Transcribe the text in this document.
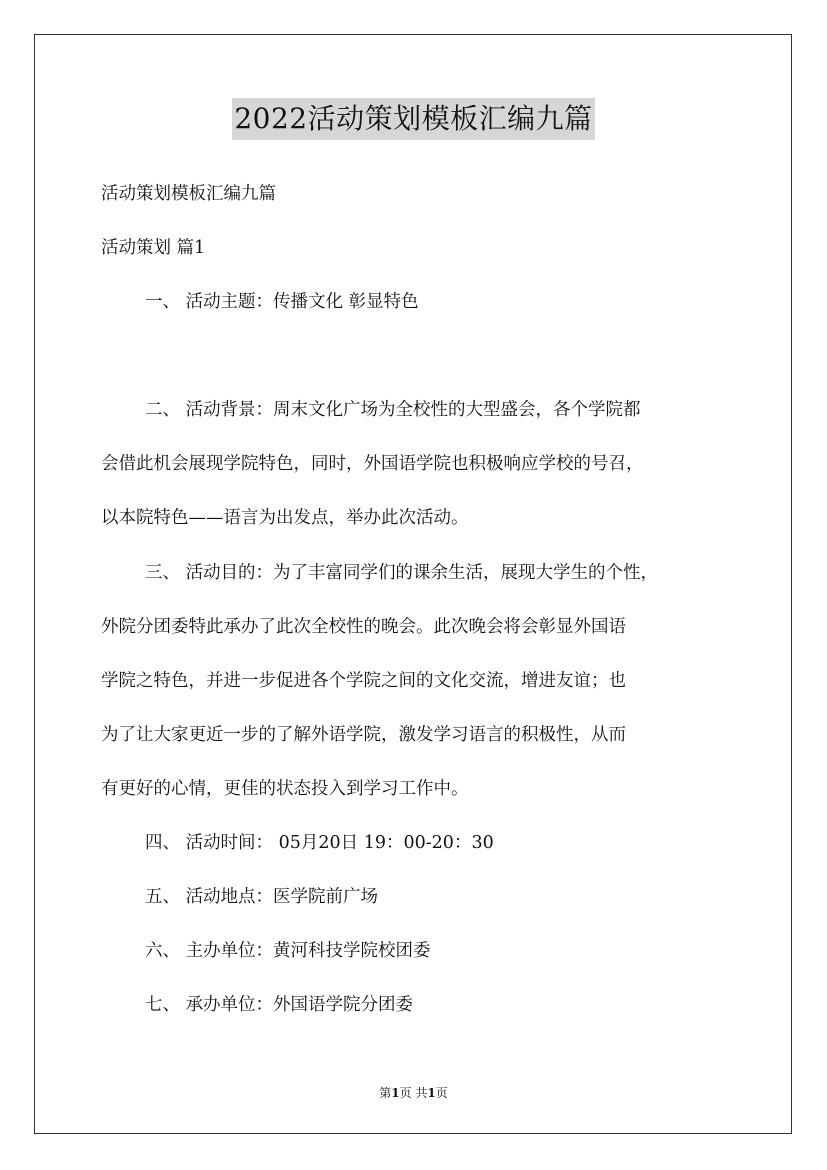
2022活动策划模板汇编九篇
活动策划模板汇编九篇
活动策划 篇1
一、 活动主题：传播文化 彰显特色
二、 活动背景：周末文化广场为全校性的大型盛会，各个学院都
会借此机会展现学院特色，同时，外国语学院也积极响应学校的号召，
以本院特色——语言为出发点，举办此次活动。
三、 活动目的：为了丰富同学们的课余生活，展现大学生的个性，
外院分团委特此承办了此次全校性的晚会。此次晚会将会彰显外国语
学院之特色，并进一步促进各个学院之间的文化交流，增进友谊；也
为了让大家更近一步的了解外语学院，激发学习语言的积极性，从而
有更好的心情，更佳的状态投入到学习工作中。
四、 活动时间： 05月20日 19：00-20：30
五、 活动地点：医学院前广场
六、 主办单位：黄河科技学院校团委
七、 承办单位：外国语学院分团委
第1页 共1页
